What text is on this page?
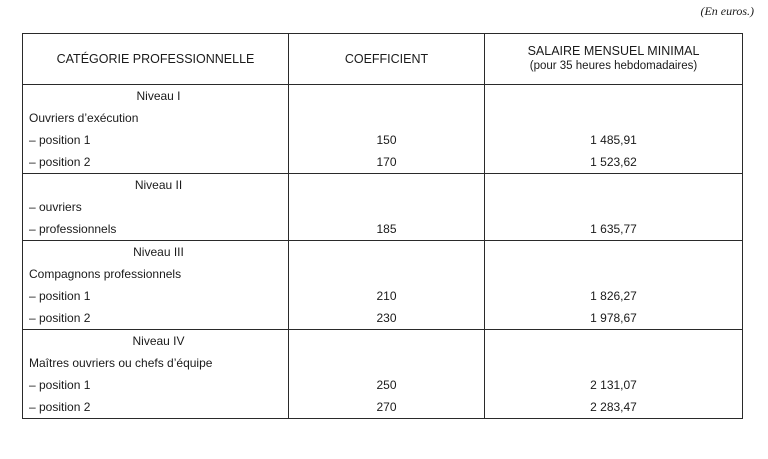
(En euros.)
CATÉGORIE PROFESSIONNELLE	COEFFICIENT	SALAIRE MENSUEL MINIMAL
(pour 35 heures hebdomadaires)

Niveau I		
Ouvriers d’exécution		
– position 1	150	1 485,91
– position 2	170	1 523,62
Niveau II		
– ouvriers		
– professionnels	185	1 635,77
Niveau III		
Compagnons professionnels		
– position 1	210	1 826,27
– position 2	230	1 978,67
Niveau IV		
Maîtres ouvriers ou chefs d’équipe		
– position 1	250	2 131,07
– position 2	270	2 283,47
